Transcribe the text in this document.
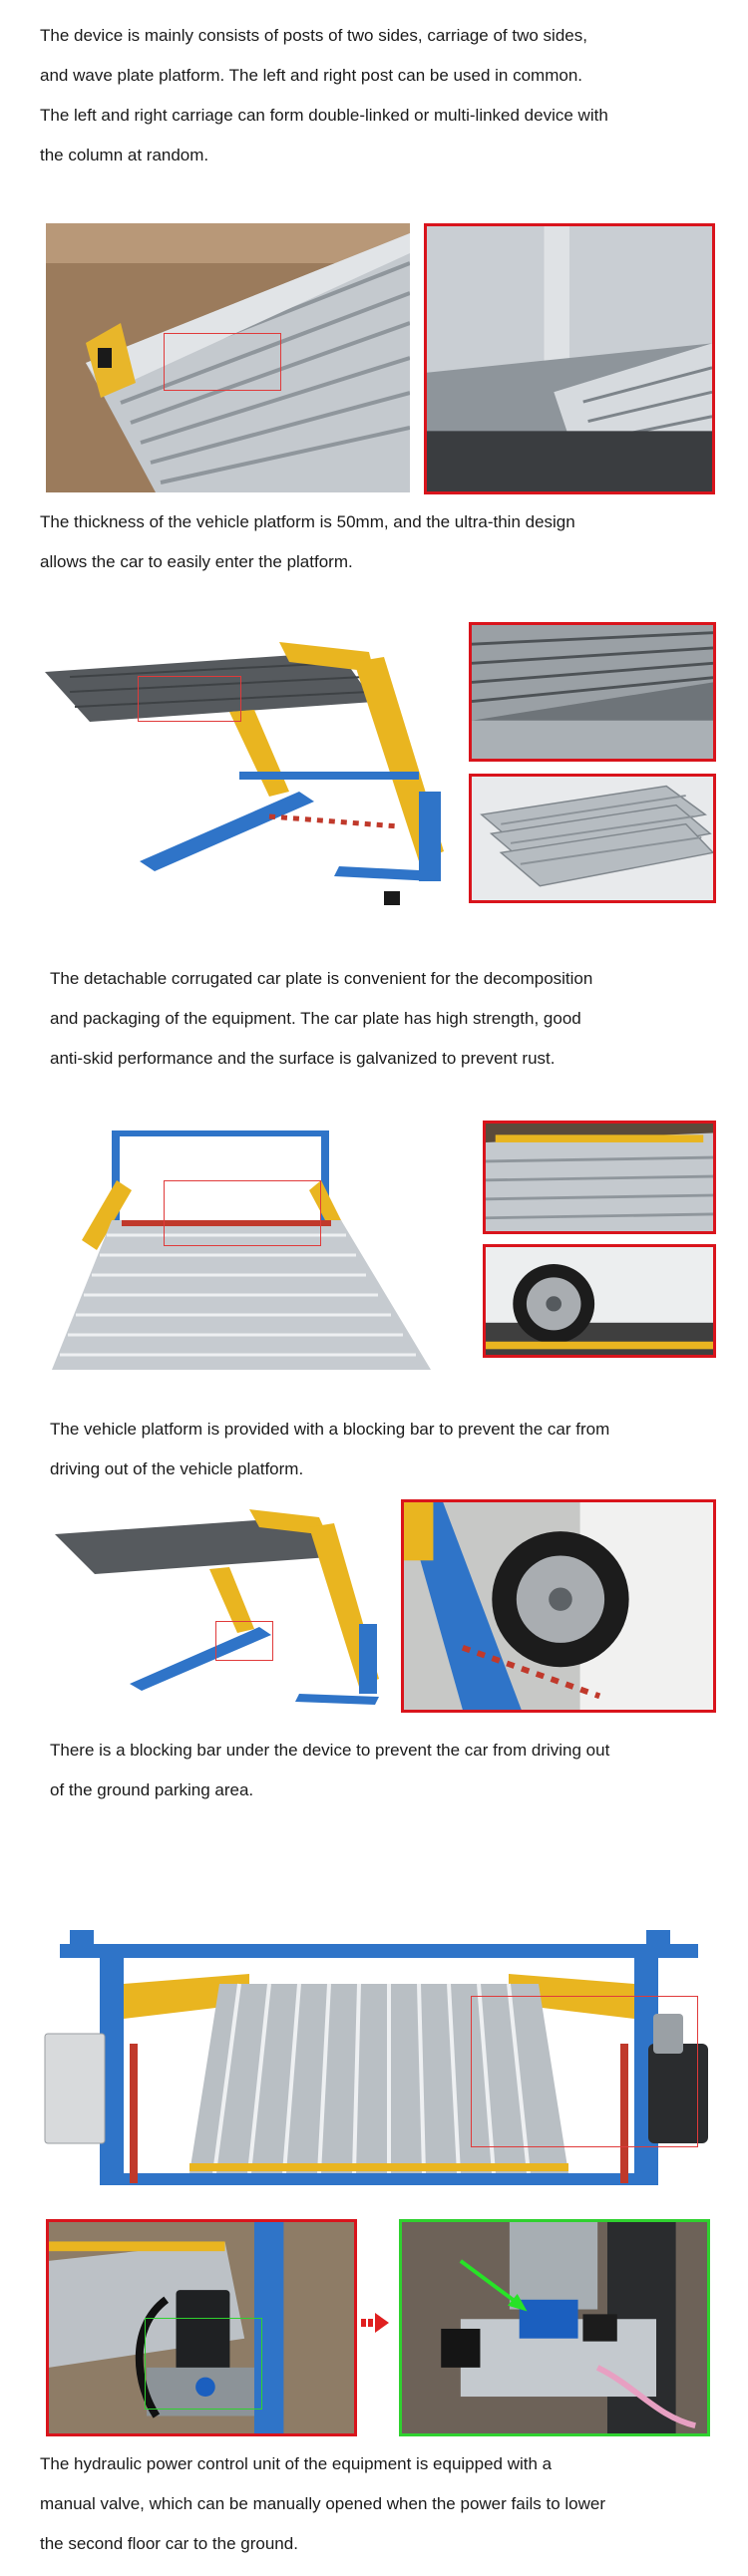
The device is mainly consists of posts of two sides, carriage of two sides,
and wave plate platform. The left and right post can be used in common.
The left and right carriage can form double-linked or multi-linked device with
the column at random.

The thickness of the vehicle platform is 50mm, and the ultra-thin design
allows the car to easily enter the platform.

The detachable corrugated car plate is convenient for the decomposition
and packaging of the equipment. The car plate has high strength, good
anti-skid performance and the surface is galvanized to prevent rust.

The vehicle platform is provided with a blocking bar to prevent the car from
driving out of the vehicle platform.

There is a blocking bar under the device to prevent the car from driving out
of the ground parking area.

The hydraulic power control unit of the equipment is equipped with a
manual valve, which can be manually opened when the power fails to lower
the second floor car to the ground.
